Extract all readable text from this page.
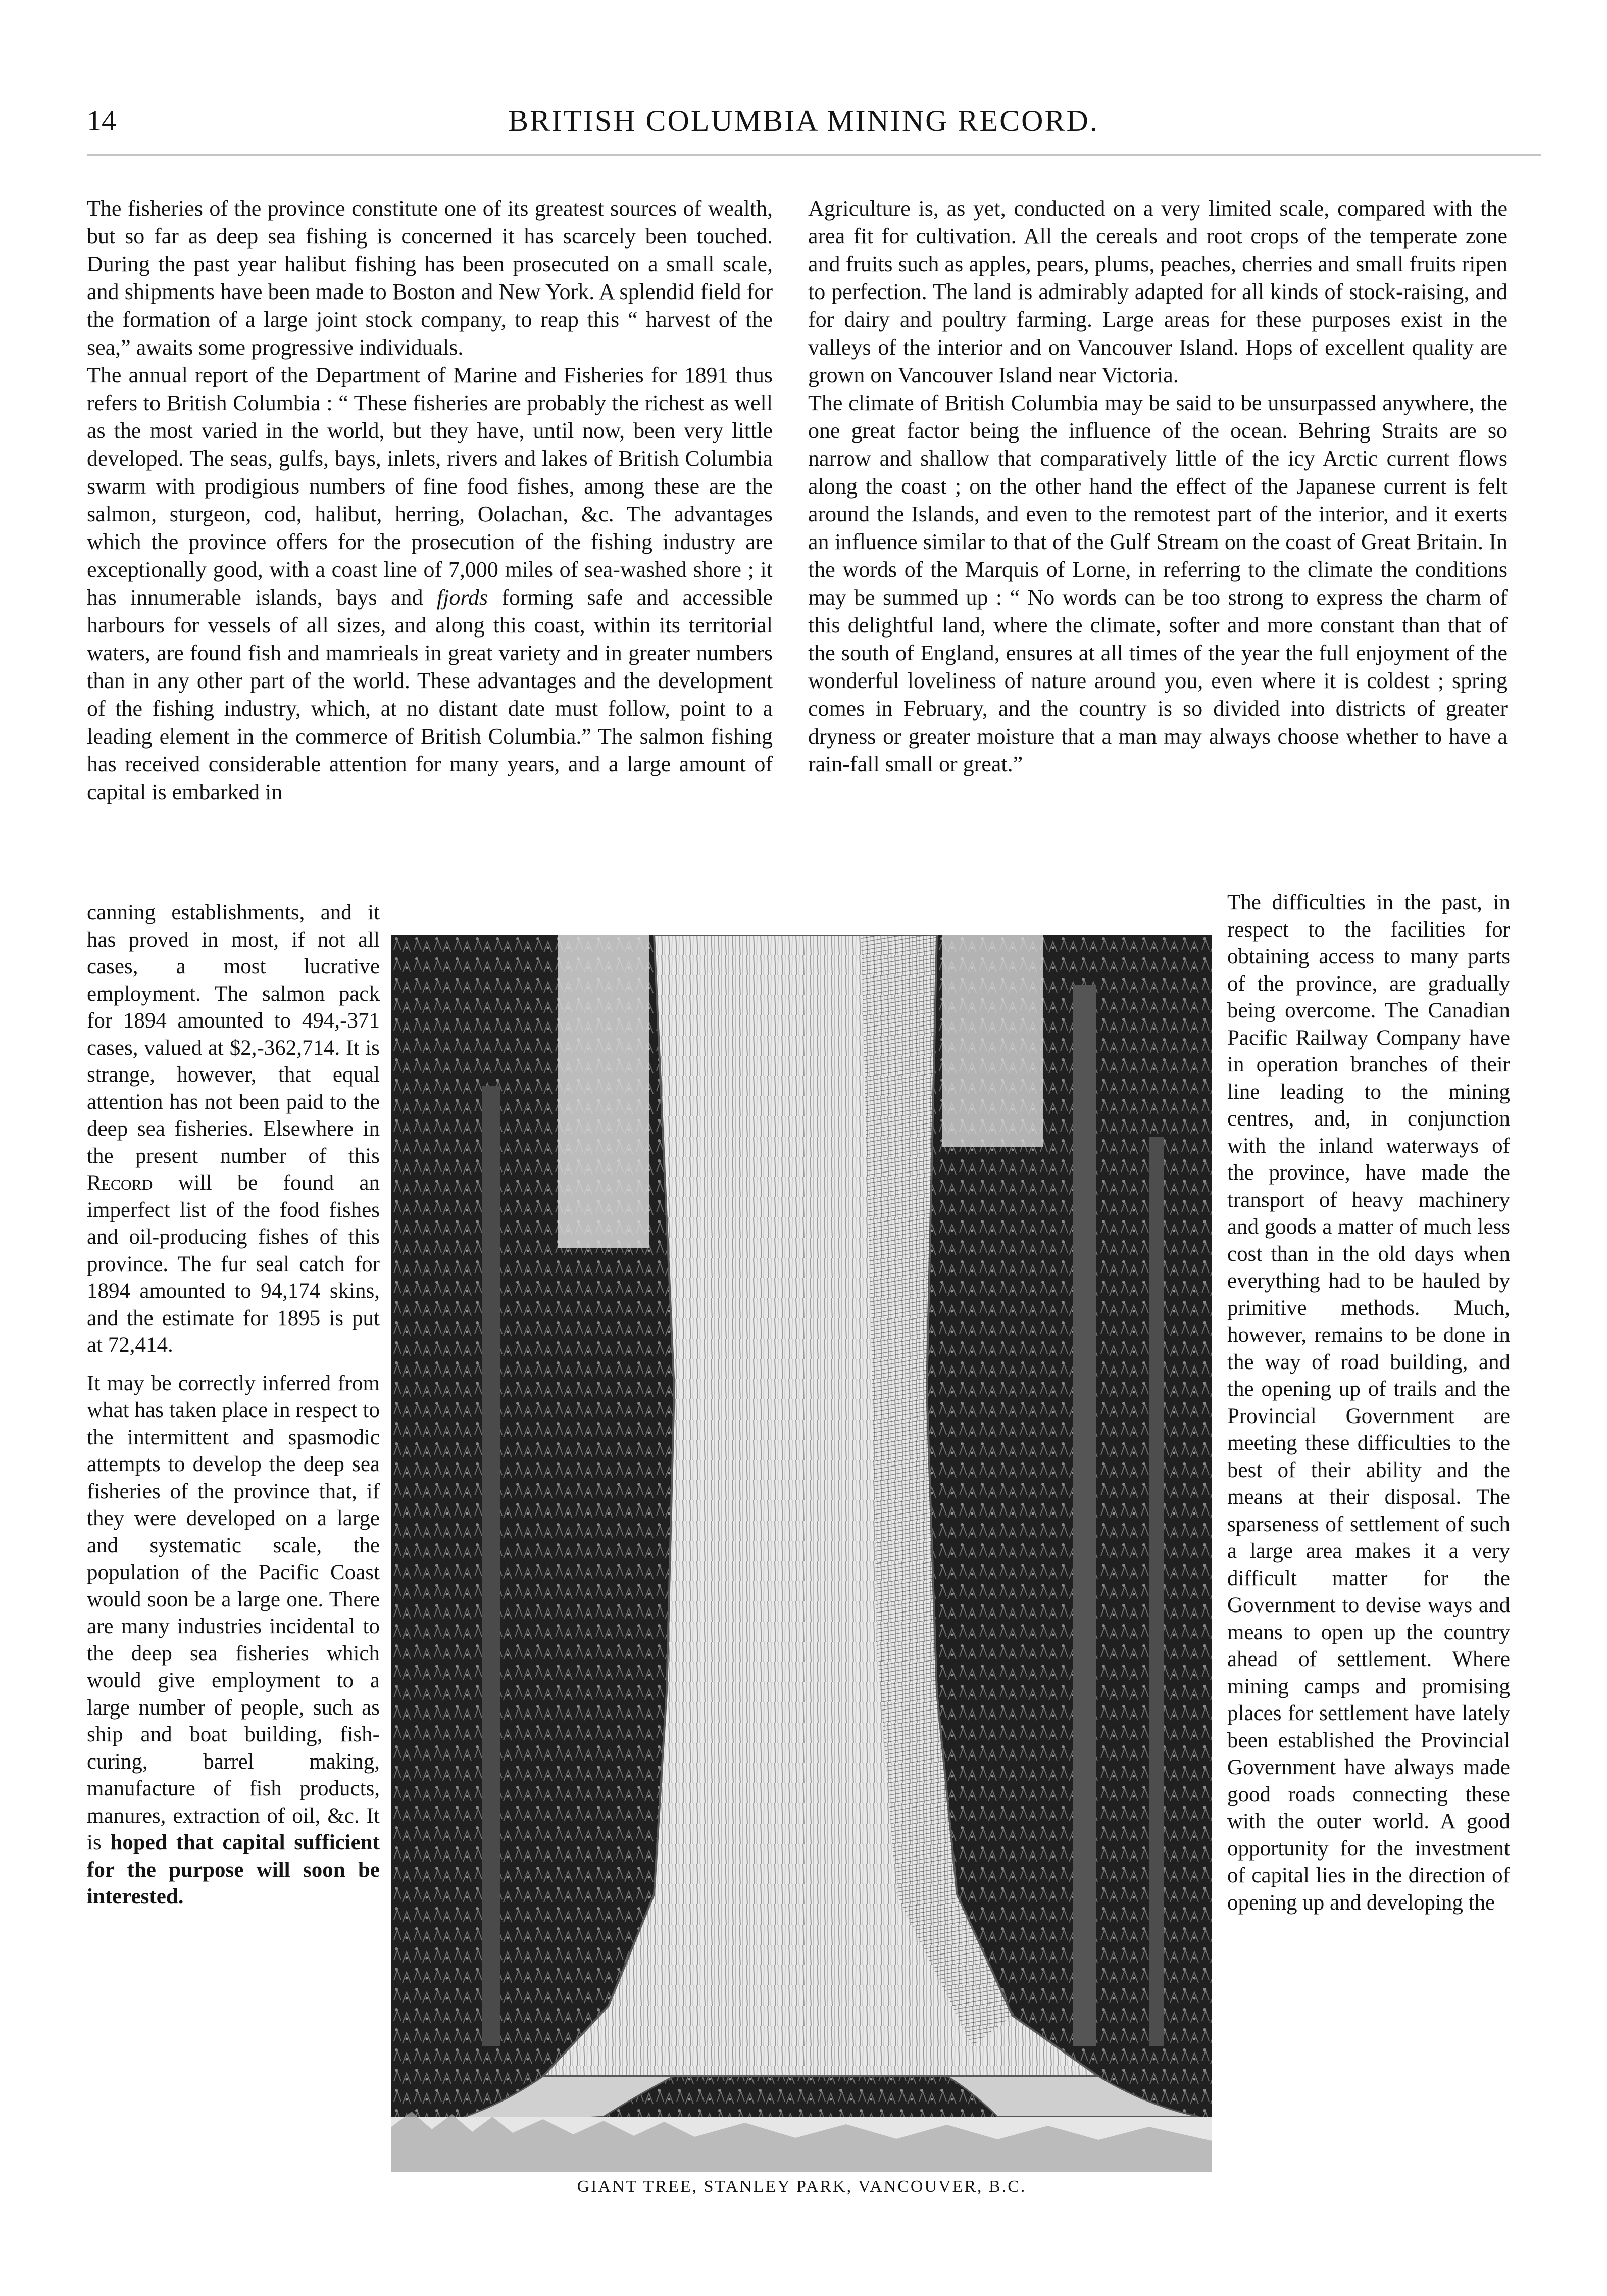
14	BRITISH COLUMBIA MINING RECORD.

The fisheries of the province constitute one of its greatest sources of wealth, but so far as deep sea fishing is concerned it has scarcely been touched. During the past year halibut fishing has been prosecuted on a small scale, and shipments have been made to Boston and New York. A splendid field for the formation of a large joint stock company, to reap this “ harvest of the sea,” awaits some progressive individuals.

The annual report of the Department of Marine and Fisheries for 1891 thus refers to British Columbia : “ These fisheries are probably the richest as well as the most varied in the world, but they have, until now, been very little developed. The seas, gulfs, bays, inlets, rivers and lakes of British Columbia swarm with prodigious numbers of fine food fishes, among these are the salmon, sturgeon, cod, halibut, herring, Oolachan, &c. The advantages which the province offers for the prosecution of the fishing industry are exceptionally good, with a coast line of 7,000 miles of sea-washed shore ; it has innumerable islands, bays and fjords forming safe and accessible harbours for vessels of all sizes, and along this coast, within its territorial waters, are found fish and mamrieals in great variety and in greater numbers than in any other part of the world. These advantages and the development of the fishing industry, which, at no distant date must follow, point to a leading element in the commerce of British Columbia.” The salmon fishing has received considerable attention for many years, and a large amount of capital is embarked in

canning establishments, and it has proved in most, if not all cases, a most lucrative employment. The salmon pack for 1894 amounted to 494,-371 cases, valued at $2,-362,714. It is strange, however, that equal attention has not been paid to the deep sea fisheries. Elsewhere in the present number of this Record will be found an imperfect list of the food fishes and oil-producing fishes of this province. The fur seal catch for 1894 amounted to 94,174 skins, and the estimate for 1895 is put at 72,414.

It may be correctly inferred from what has taken place in respect to the intermittent and spasmodic attempts to develop the deep sea fisheries of the province that, if they were developed on a large and systematic scale, the population of the Pacific Coast would soon be a large one. There are many industries incidental to the deep sea fisheries which would give employment to a large number of people, such as ship and boat building, fish-curing, barrel making, manufacture of fish products, manures, extraction of oil, &c. It is hoped that capital sufficient for the purpose will soon be interested.

Agriculture is, as yet, conducted on a very limited scale, compared with the area fit for cultivation. All the cereals and root crops of the temperate zone and fruits such as apples, pears, plums, peaches, cherries and small fruits ripen to perfection. The land is admirably adapted for all kinds of stock-raising, and for dairy and poultry farming. Large areas for these purposes exist in the valleys of the interior and on Vancouver Island. Hops of excellent quality are grown on Vancouver Island near Victoria.

The climate of British Columbia may be said to be unsurpassed anywhere, the one great factor being the influence of the ocean. Behring Straits are so narrow and shallow that comparatively little of the icy Arctic current flows along the coast ; on the other hand the effect of the Japanese current is felt around the Islands, and even to the remotest part of the interior, and it exerts an influence similar to that of the Gulf Stream on the coast of Great Britain. In the words of the Marquis of Lorne, in referring to the climate the conditions may be summed up : “ No words can be too strong to express the charm of this delightful land, where the climate, softer and more constant than that of the south of England, ensures at all times of the year the full enjoyment of the wonderful loveliness of nature around you, even where it is coldest ; spring comes in February, and the country is so divided into districts of greater dryness or greater moisture that a man may always choose whether to have a rain-fall small or great.”

The difficulties in the past, in respect to the facilities for obtaining access to many parts of the province, are gradually being overcome. The Canadian Pacific Railway Company have in operation branches of their line leading to the mining centres, and, in conjunction with the inland waterways of the province, have made the transport of heavy machinery and goods a matter of much less cost than in the old days when everything had to be hauled by primitive methods. Much, however, remains to be done in the way of road building, and the opening up of trails and the Provincial Government are meeting these difficulties to the best of their ability and the means at their disposal. The sparseness of settlement of such a large area makes it a very difficult matter for the Government to devise ways and means to open up the country ahead of settlement. Where mining camps and promising places for settlement have lately been established the Provincial Government have always made good roads connecting these with the outer world. A good opportunity for the investment of capital lies in the direction of opening up and developing the

GIANT TREE, STANLEY PARK, VANCOUVER, B.C.
